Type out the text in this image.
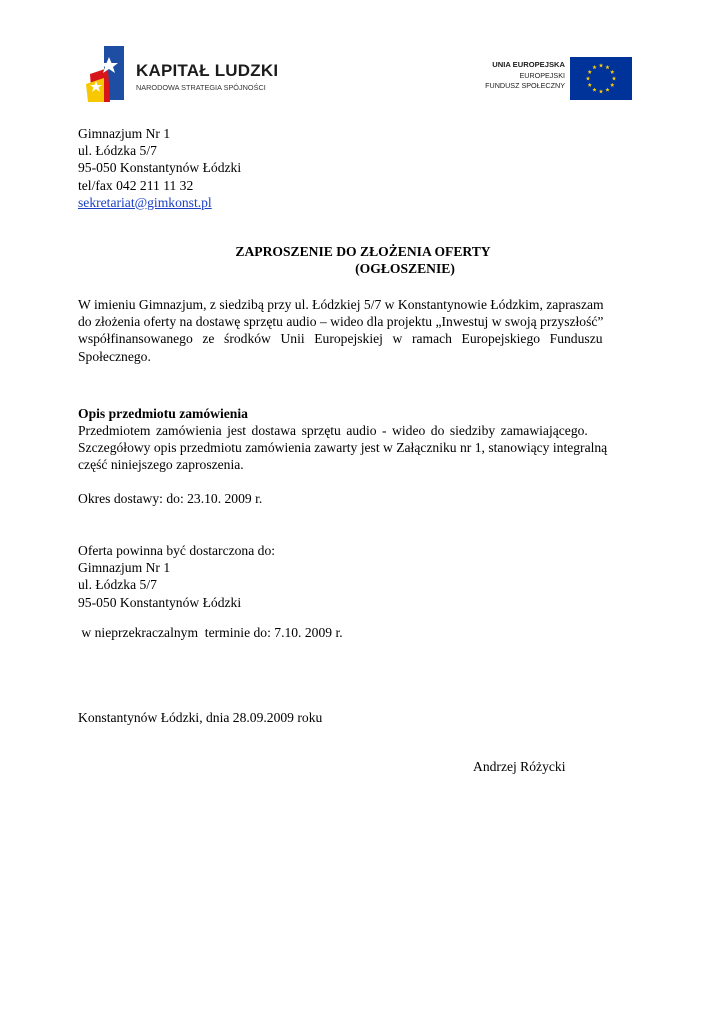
KAPITAŁ LUDZKI
NARODOWA STRATEGIA SPÓJNOŚCI
UNIA EUROPEJSKA
EUROPEJSKI
FUNDUSZ SPOŁECZNY
Gimnazjum Nr 1
ul. Łódzka 5/7
95-050 Konstantynów Łódzki
tel/fax 042 211 11 32
sekretariat@gimkonst.pl
ZAPROSZENIE DO ZŁOŻENIA OFERTY
(OGŁOSZENIE)
W imieniu Gimnazjum, z siedzibą przy ul. Łódzkiej 5/7 w Konstantynowie Łódzkim, zapraszam
do złożenia oferty na dostawę sprzętu audio – wideo dla projektu „Inwestuj w swoją przyszłość”
współfinansowanego ze środków Unii Europejskiej w ramach Europejskiego Funduszu
Społecznego.
Opis przedmiotu zamówienia
Przedmiotem zamówienia jest dostawa sprzętu audio - wideo do siedziby zamawiającego.
Szczegółowy opis przedmiotu zamówienia zawarty jest w Załączniku nr 1, stanowiący integralną
część niniejszego zaproszenia.
Okres dostawy: do: 23.10. 2009 r.
Oferta powinna być dostarczona do:
Gimnazjum Nr 1
ul. Łódzka 5/7
95-050 Konstantynów Łódzki
w nieprzekraczalnym  terminie do: 7.10. 2009 r.
Konstantynów Łódzki, dnia 28.09.2009 roku
Andrzej Różycki
